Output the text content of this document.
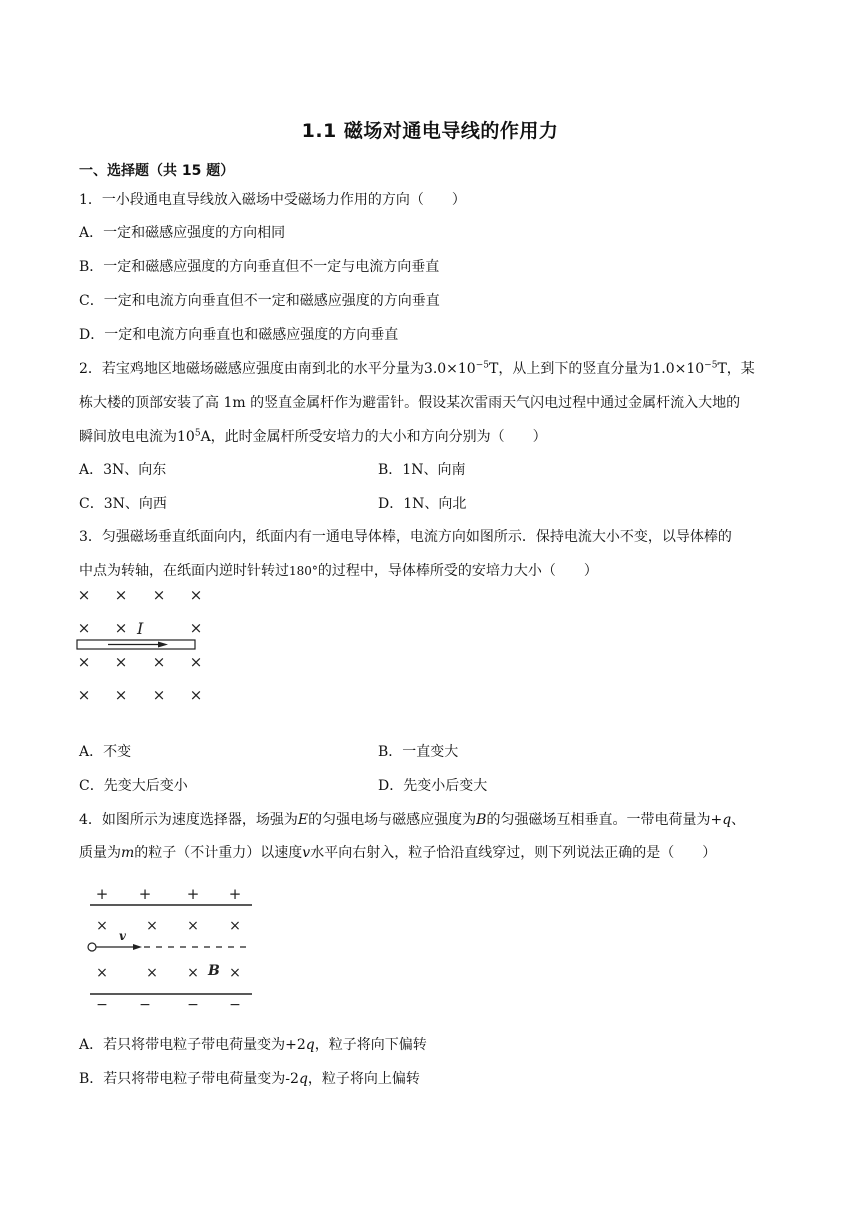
1.1 磁场对通电导线的作用力
一、选择题（共 15 题）
1．一小段通电直导线放入磁场中受磁场力作用的方向（　　）
A．一定和磁感应强度的方向相同
B．一定和磁感应强度的方向垂直但不一定与电流方向垂直
C．一定和电流方向垂直但不一定和磁感应强度的方向垂直
D．一定和电流方向垂直也和磁感应强度的方向垂直
2．若宝鸡地区地磁场磁感应强度由南到北的水平分量为$3.0\times 10^{-5}T$，从上到下的竖直分量为$1.0\times 10^{-5}T$，某
栋大楼的顶部安装了高 1m 的竖直金属杆作为避雷针。假设某次雷雨天气闪电过程中通过金属杆流入大地的
瞬间放电电流为$10^5A$，此时金属杆所受安培力的大小和方向分别为（　　）
A．3N、向东	B．1N、向南
C．3N、向西	D．1N、向北
3．匀强磁场垂直纸面向内，纸面内有一通电导体棒，电流方向如图所示．保持电流大小不变，以导体棒的
中点为转轴，在纸面内逆时针转过180°的过程中，导体棒所受的安培力大小（　　）
× × × ×
× ×	×
× × × ×
× × × ×
I
A．不变	B．一直变大
C．先变大后变小	D．先变小后变大
4．如图所示为速度选择器，场强为E的匀强电场与磁感应强度为B的匀强磁场互相垂直。一带电荷量为+q、
质量为m的粒子（不计重力）以速度v水平向右射入，粒子恰沿直线穿过，则下列说法正确的是（　　）
+ + + +
×	× × ×
×	× × ×
v
B
− −	− −
A．若只将带电粒子带电荷量变为+2q，粒子将向下偏转
B．若只将带电粒子带电荷量变为-2q，粒子将向上偏转
